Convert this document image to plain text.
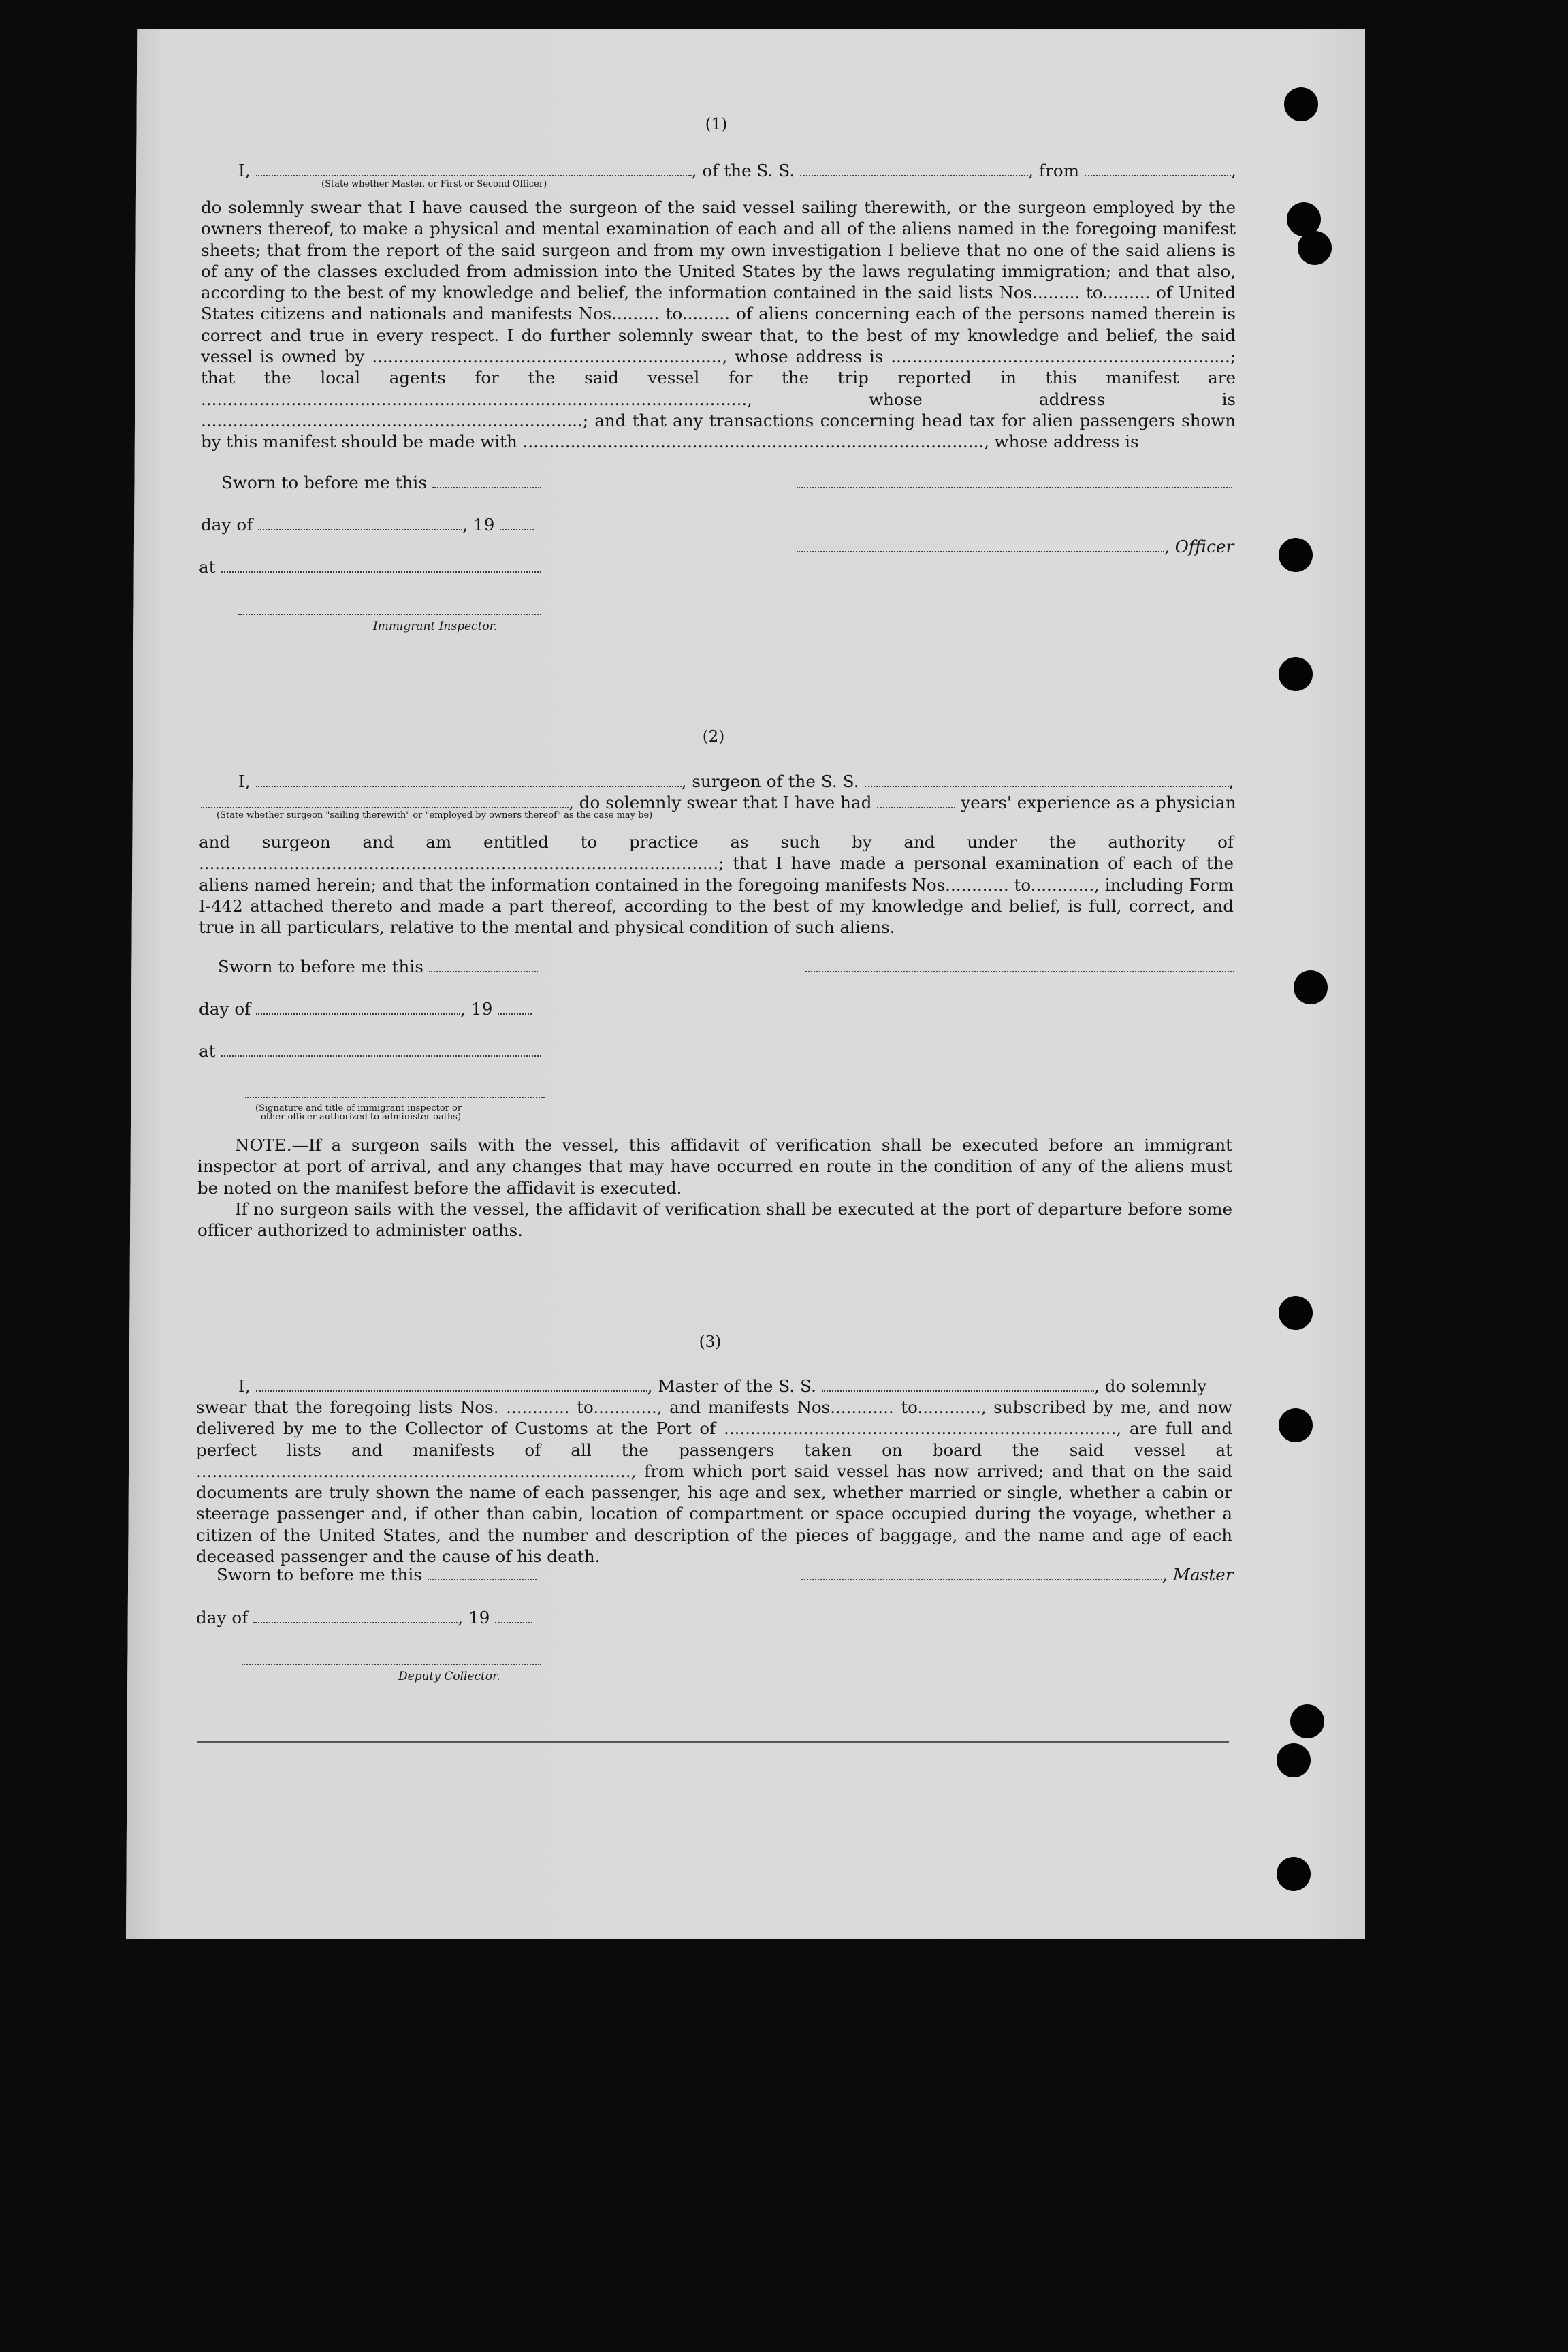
(1)
I,	, of the S. S.	, from	,
(State whether Master, or First or Second Officer)
do solemnly swear that I have caused the surgeon of the said vessel sailing therewith, or the surgeon employed by the owners thereof, to make a physical and mental examination of each and all of the aliens named in the foregoing manifest sheets; that from the report of the said surgeon and from my own investigation I believe that no one of the said aliens is of any of the classes excluded from admission into the United States by the laws regulating immigration; and that also, according to the best of my knowledge and belief, the information contained in the said lists Nos......... to......... of United States citizens and nationals and manifests Nos......... to......... of aliens concerning each of the persons named therein is correct and true in every respect. I do further solemnly swear that, to the best of my knowledge and belief, the said vessel is owned by .................................................................., whose address is ................................................................; that the local agents for the said vessel for the trip reported in this manifest are ......................................................................................................., whose address is ........................................................................; and that any transactions concerning head tax for alien passengers shown by this manifest should be made with ......................................................................................., whose address is
Sworn to before me this
day of	, 19
, Officer
at
Immigrant Inspector.
(2)
I,	, surgeon of the S. S.	,
, do solemnly swear that I have had	years' experience as a physician
(State whether surgeon "sailing therewith" or "employed by owners thereof" as the case may be)
and surgeon and am entitled to practice as such by and under the authority of ..................................................................................................; that I have made a personal examination of each of the aliens named herein; and that the information contained in the foregoing manifests Nos............ to............, including Form I-442 attached thereto and made a part thereof, according to the best of my knowledge and belief, is full, correct, and true in all particulars, relative to the mental and physical condition of such aliens.
Sworn to before me this
day of	, 19
at
(Signature and title of immigrant inspector or
other officer authorized to administer oaths)
NOTE.—If a surgeon sails with the vessel, this affidavit of verification shall be executed before an immigrant inspector at port of arrival, and any changes that may have occurred en route in the condition of any of the aliens must be noted on the manifest before the affidavit is executed.
If no surgeon sails with the vessel, the affidavit of verification shall be executed at the port of departure before some officer authorized to administer oaths.
(3)
I,	, Master of the S. S.	, do solemnly
swear that the foregoing lists Nos. ............ to............, and manifests Nos............ to............, subscribed by me, and now delivered by me to the Collector of Customs at the Port of .........................................................................., are full and perfect lists and manifests of all the passengers taken on board the said vessel at .................................................................................., from which port said vessel has now arrived; and that on the said documents are truly shown the name of each passenger, his age and sex, whether married or single, whether a cabin or steerage passenger and, if other than cabin, location of compartment or space occupied during the voyage, whether a citizen of the United States, and the number and description of the pieces of baggage, and the name and age of each deceased passenger and the cause of his death.
Sworn to before me this	, Master
day of	, 19
Deputy Collector.
